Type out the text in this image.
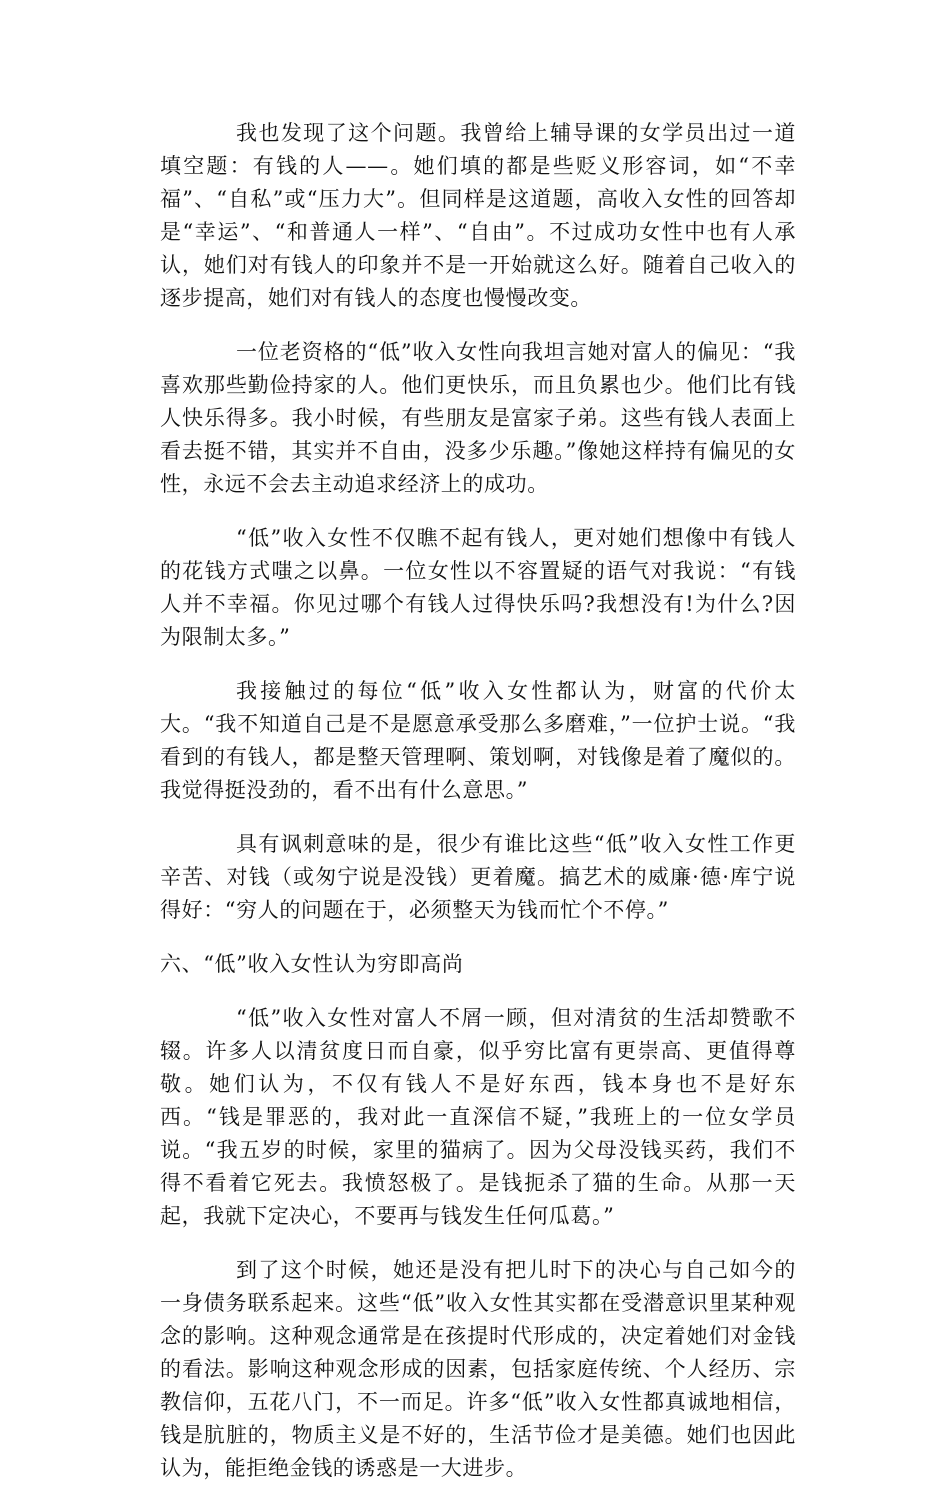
我也发现了这个问题。我曾给上辅导课的女学员出过一道填空题：有钱的人——。她们填的都是些贬义形容词，如“不幸福”、“自私”或“压力大”。但同样是这道题，高收入女性的回答却是“幸运”、“和普通人一样”、“自由”。不过成功女性中也有人承认，她们对有钱人的印象并不是一开始就这么好。随着自己收入的逐步提高，她们对有钱人的态度也慢慢改变。

一位老资格的“低”收入女性向我坦言她对富人的偏见：“我喜欢那些勤俭持家的人。他们更快乐，而且负累也少。他们比有钱人快乐得多。我小时候，有些朋友是富家子弟。这些有钱人表面上看去挺不错，其实并不自由，没多少乐趣。”像她这样持有偏见的女性，永远不会去主动追求经济上的成功。

“低”收入女性不仅瞧不起有钱人，更对她们想像中有钱人的花钱方式嗤之以鼻。一位女性以不容置疑的语气对我说：“有钱人并不幸福。你见过哪个有钱人过得快乐吗?我想没有!为什么?因为限制太多。”

我接触过的每位“低”收入女性都认为，财富的代价太大。“我不知道自己是不是愿意承受那么多磨难，”一位护士说。“我看到的有钱人，都是整天管理啊、策划啊，对钱像是着了魔似的。我觉得挺没劲的，看不出有什么意思。”

具有讽刺意味的是，很少有谁比这些“低”收入女性工作更辛苦、对钱（或匆宁说是没钱）更着魔。搞艺术的威廉·德·库宁说得好：“穷人的问题在于，必须整天为钱而忙个不停。”

六、“低”收入女性认为穷即高尚

“低”收入女性对富人不屑一顾，但对清贫的生活却赞歌不辍。许多人以清贫度日而自豪，似乎穷比富有更崇高、更值得尊敬。她们认为，不仅有钱人不是好东西，钱本身也不是好东西。“钱是罪恶的，我对此一直深信不疑，”我班上的一位女学员说。“我五岁的时候，家里的猫病了。因为父母没钱买药，我们不得不看着它死去。我愤怒极了。是钱扼杀了猫的生命。从那一天起，我就下定决心，不要再与钱发生任何瓜葛。”

到了这个时候，她还是没有把儿时下的决心与自己如今的一身债务联系起来。这些“低”收入女性其实都在受潜意识里某种观念的影响。这种观念通常是在孩提时代形成的，决定着她们对金钱的看法。影响这种观念形成的因素，包括家庭传统、个人经历、宗教信仰，五花八门，不一而足。许多“低”收入女性都真诚地相信，钱是肮脏的，物质主义是不好的，生活节俭才是美德。她们也因此认为，能拒绝金钱的诱惑是一大进步。
